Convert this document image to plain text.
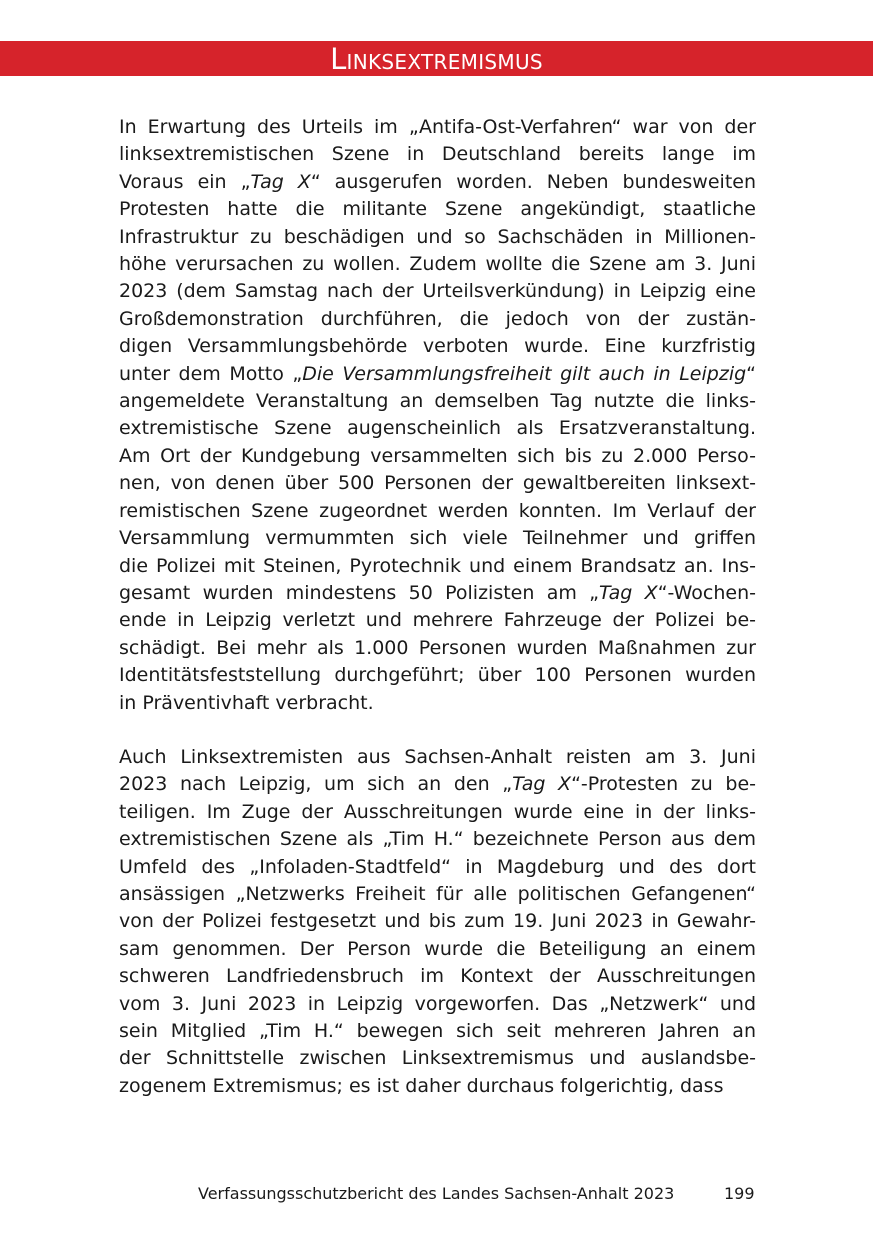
Linksextremismus
In Erwartung des Urteils im „Antifa-Ost-Verfahren“ war von der
linksextremistischen Szene in Deutschland bereits lange im
Voraus ein „Tag X“ ausgerufen worden. Neben bundesweiten
Protesten hatte die militante Szene angekündigt, staatliche
Infrastruktur zu beschädigen und so Sachschäden in Millionen-
höhe verursachen zu wollen. Zudem wollte die Szene am 3. Juni
2023 (dem Samstag nach der Urteilsverkündung) in Leipzig eine
Großdemonstration durchführen, die jedoch von der zustän-
digen Versammlungsbehörde verboten wurde. Eine kurzfristig
unter dem Motto „Die Versammlungsfreiheit gilt auch in Leipzig“
angemeldete Veranstaltung an demselben Tag nutzte die links-
extremistische Szene augenscheinlich als Ersatzveranstaltung.
Am Ort der Kundgebung versammelten sich bis zu 2.000 Perso-
nen, von denen über 500 Personen der gewaltbereiten linksext-
remistischen Szene zugeordnet werden konnten. Im Verlauf der
Versammlung vermummten sich viele Teilnehmer und griffen
die Polizei mit Steinen, Pyrotechnik und einem Brandsatz an. Ins-
gesamt wurden mindestens 50 Polizisten am „Tag X“-Wochen-
ende in Leipzig verletzt und mehrere Fahrzeuge der Polizei be-
schädigt. Bei mehr als 1.000 Personen wurden Maßnahmen zur
Identitätsfeststellung durchgeführt; über 100 Personen wurden
in Präventivhaft verbracht.
Auch Linksextremisten aus Sachsen-Anhalt reisten am 3. Juni
2023 nach Leipzig, um sich an den „Tag X“-Protesten zu be-
teiligen. Im Zuge der Ausschreitungen wurde eine in der links-
extremistischen Szene als „Tim H.“ bezeichnete Person aus dem
Umfeld des „Infoladen-Stadtfeld“ in Magdeburg und des dort
ansässigen „Netzwerks Freiheit für alle politischen Gefangenen“
von der Polizei festgesetzt und bis zum 19. Juni 2023 in Gewahr-
sam genommen. Der Person wurde die Beteiligung an einem
schweren Landfriedensbruch im Kontext der Ausschreitungen
vom 3. Juni 2023 in Leipzig vorgeworfen. Das „Netzwerk“ und
sein Mitglied „Tim H.“ bewegen sich seit mehreren Jahren an
der Schnittstelle zwischen Linksextremismus und auslandsbe-
zogenem Extremismus; es ist daher durchaus folgerichtig, dass
Verfassungsschutzbericht des Landes Sachsen-Anhalt 2023	199
